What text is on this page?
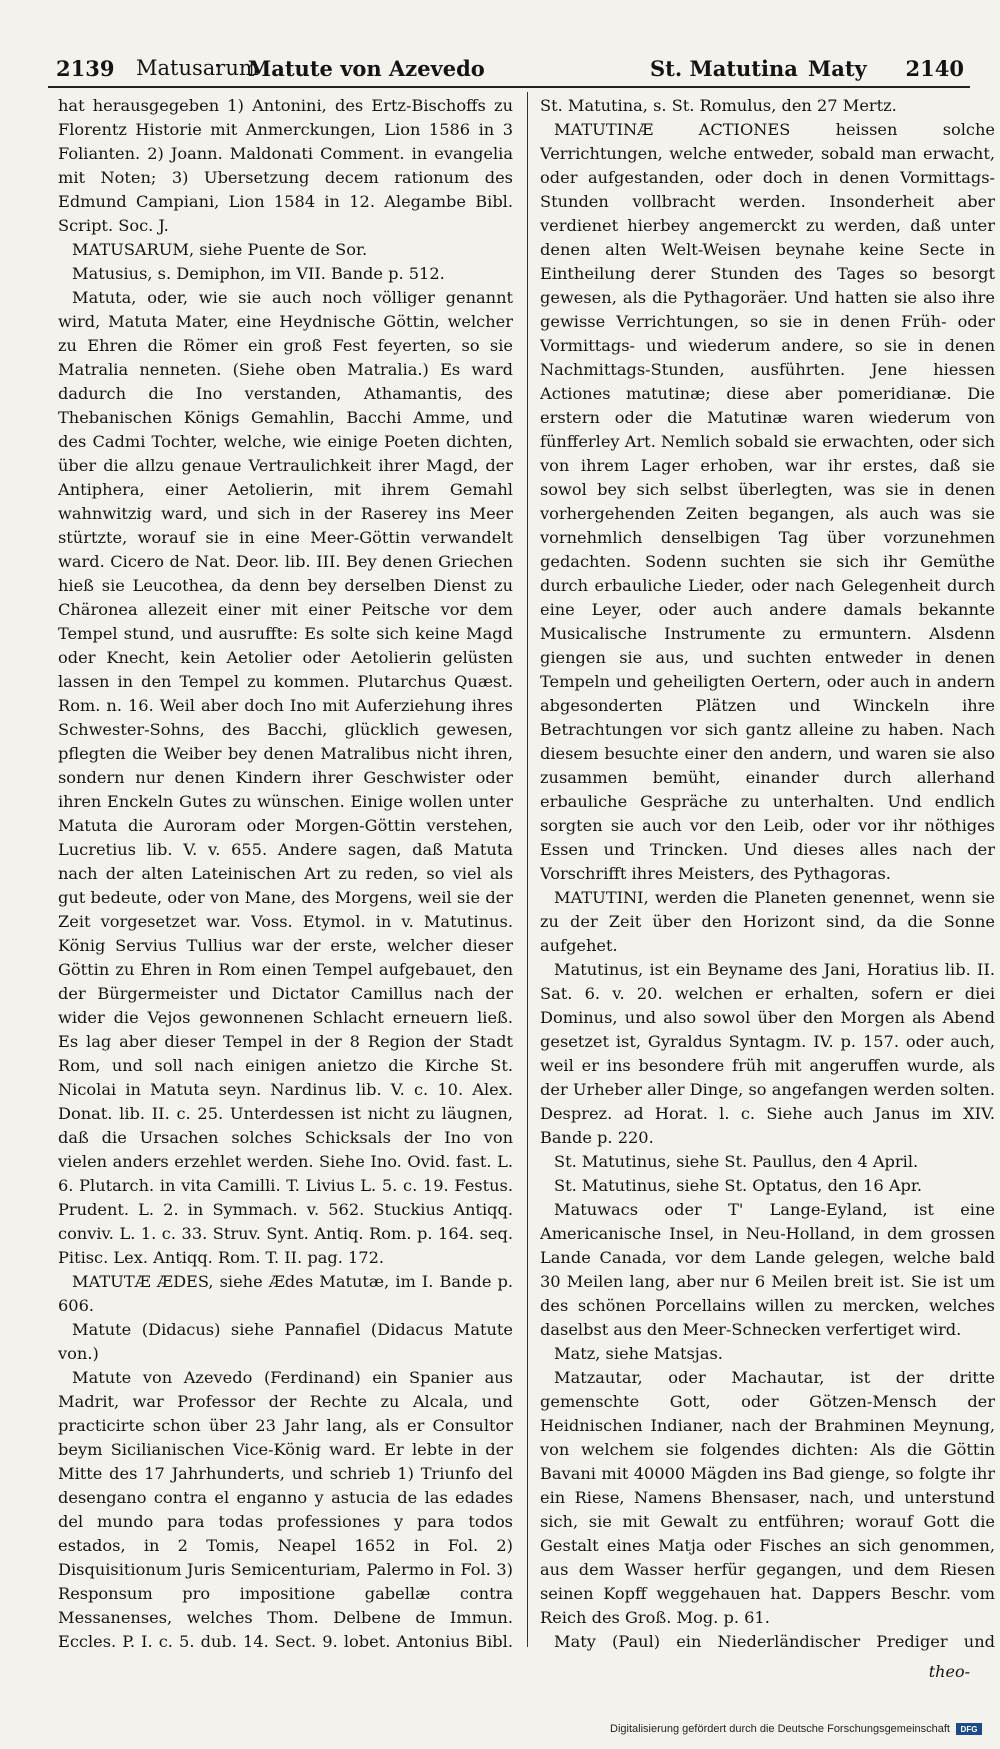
2139 Matusarum
Matute von Azevedo	St. Matutina Maty 2140

hat herausgegeben 1) Antonini, des Ertz-Bischoffs zu Florentz Historie mit Anmerckungen, Lion 1586 in 3 Folianten. 2) Joann. Maldonati Comment. in evangelia mit Noten; 3) Ubersetzung decem rationum des Edmund Campiani, Lion 1584 in 12. Alegambe Bibl. Script. Soc. J.

MATUSARUM, siehe Puente de Sor.

Matusius, s. Demiphon, im VII. Bande p. 512.

Matuta, oder, wie sie auch noch völliger genannt wird, Matuta Mater, eine Heydnische Göttin, welcher zu Ehren die Römer ein groß Fest feyerten, so sie Matralia nenneten. (Siehe oben Matralia.) Es ward dadurch die Ino verstanden, Athamantis, des Thebanischen Königs Gemahlin, Bacchi Amme, und des Cadmi Tochter, welche, wie einige Poeten dichten, über die allzu genaue Vertraulichkeit ihrer Magd, der Antiphera, einer Aetolierin, mit ihrem Gemahl wahnwitzig ward, und sich in der Raserey ins Meer stürtzte, worauf sie in eine Meer-Göttin verwandelt ward. Cicero de Nat. Deor. lib. III. Bey denen Griechen hieß sie Leucothea, da denn bey derselben Dienst zu Chäronea allezeit einer mit einer Peitsche vor dem Tempel stund, und ausruffte: Es solte sich keine Magd oder Knecht, kein Aetolier oder Aetolierin gelüsten lassen in den Tempel zu kommen. Plutarchus Quæst. Rom. n. 16. Weil aber doch Ino mit Auferziehung ihres Schwester-Sohns, des Bacchi, glücklich gewesen, pflegten die Weiber bey denen Matralibus nicht ihren, sondern nur denen Kindern ihrer Geschwister oder ihren Enckeln Gutes zu wünschen. Einige wollen unter Matuta die Auroram oder Morgen-Göttin verstehen, Lucretius lib. V. v. 655. Andere sagen, daß Matuta nach der alten Lateinischen Art zu reden, so viel als gut bedeute, oder von Mane, des Morgens, weil sie der Zeit vorgesetzet war. Voss. Etymol. in v. Matutinus. König Servius Tullius war der erste, welcher dieser Göttin zu Ehren in Rom einen Tempel aufgebauet, den der Bürgermeister und Dictator Camillus nach der wider die Vejos gewonnenen Schlacht erneuern ließ. Es lag aber dieser Tempel in der 8 Region der Stadt Rom, und soll nach einigen anietzo die Kirche St. Nicolai in Matuta seyn. Nardinus lib. V. c. 10. Alex. Donat. lib. II. c. 25. Unterdessen ist nicht zu läugnen, daß die Ursachen solches Schicksals der Ino von vielen anders erzehlet werden. Siehe Ino. Ovid. fast. L. 6. Plutarch. in vita Camilli. T. Livius L. 5. c. 19. Festus. Prudent. L. 2. in Symmach. v. 562. Stuckius Antiqq. conviv. L. 1. c. 33. Struv. Synt. Antiq. Rom. p. 164. seq. Pitisc. Lex. Antiqq. Rom. T. II. pag. 172.

MATUTÆ ÆDES, siehe Ædes Matutæ, im I. Bande p. 606.

Matute (Didacus) siehe Pannafiel (Didacus Matute von.)

Matute von Azevedo (Ferdinand) ein Spanier aus Madrit, war Professor der Rechte zu Alcala, und practicirte schon über 23 Jahr lang, als er Consultor beym Sicilianischen Vice-König ward. Er lebte in der Mitte des 17 Jahrhunderts, und schrieb 1) Triunfo del desengano contra el enganno y astucia de las edades del mundo para todas professiones y para todos estados, in 2 Tomis, Neapel 1652 in Fol. 2) Disquisitionum Juris Semicenturiam, Palermo in Fol. 3) Responsum pro impositione gabellæ contra Messanenses, welches Thom. Delbene de Immun. Eccles. P. I. c. 5. dub. 14. Sect. 9. lobet. Antonius Bibl.

St. Matutina, s. St. Romulus, den 27 Mertz.

MATUTINÆ ACTIONES heissen solche Verrichtungen, welche entweder, sobald man erwacht, oder aufgestanden, oder doch in denen Vormittags-Stunden vollbracht werden. Insonderheit aber verdienet hierbey angemerckt zu werden, daß unter denen alten Welt-Weisen beynahe keine Secte in Eintheilung derer Stunden des Tages so besorgt gewesen, als die Pythagoräer. Und hatten sie also ihre gewisse Verrichtungen, so sie in denen Früh- oder Vormittags- und wiederum andere, so sie in denen Nachmittags-Stunden, ausführten. Jene hiessen Actiones matutinæ; diese aber pomeridianæ. Die erstern oder die Matutinæ waren wiederum von fünfferley Art. Nemlich sobald sie erwachten, oder sich von ihrem Lager erhoben, war ihr erstes, daß sie sowol bey sich selbst überlegten, was sie in denen vorhergehenden Zeiten begangen, als auch was sie vornehmlich denselbigen Tag über vorzunehmen gedachten. Sodenn suchten sie sich ihr Gemüthe durch erbauliche Lieder, oder nach Gelegenheit durch eine Leyer, oder auch andere damals bekannte Musicalische Instrumente zu ermuntern. Alsdenn giengen sie aus, und suchten entweder in denen Tempeln und geheiligten Oertern, oder auch in andern abgesonderten Plätzen und Winckeln ihre Betrachtungen vor sich gantz alleine zu haben. Nach diesem besuchte einer den andern, und waren sie also zusammen bemüht, einander durch allerhand erbauliche Gespräche zu unterhalten. Und endlich sorgten sie auch vor den Leib, oder vor ihr nöthiges Essen und Trincken. Und dieses alles nach der Vorschrifft ihres Meisters, des Pythagoras.

MATUTINI, werden die Planeten genennet, wenn sie zu der Zeit über den Horizont sind, da die Sonne aufgehet.

Matutinus, ist ein Beyname des Jani, Horatius lib. II. Sat. 6. v. 20. welchen er erhalten, sofern er diei Dominus, und also sowol über den Morgen als Abend gesetzet ist, Gyraldus Syntagm. IV. p. 157. oder auch, weil er ins besondere früh mit angeruffen wurde, als der Urheber aller Dinge, so angefangen werden solten. Desprez. ad Horat. l. c. Siehe auch Janus im XIV. Bande p. 220.

St. Matutinus, siehe St. Paullus, den 4 April.

St. Matutinus, siehe St. Optatus, den 16 Apr.

Matuwacs oder T' Lange-Eyland, ist eine Americanische Insel, in Neu-Holland, in dem grossen Lande Canada, vor dem Lande gelegen, welche bald 30 Meilen lang, aber nur 6 Meilen breit ist. Sie ist um des schönen Porcellains willen zu mercken, welches daselbst aus den Meer-Schnecken verfertiget wird.

Matz, siehe Matsjas.

Matzautar, oder Machautar, ist der dritte gemenschte Gott, oder Götzen-Mensch der Heidnischen Indianer, nach der Brahminen Meynung, von welchem sie folgendes dichten: Als die Göttin Bavani mit 40000 Mägden ins Bad gienge, so folgte ihr ein Riese, Namens Bhensaser, nach, und unterstund sich, sie mit Gewalt zu entführen; worauf Gott die Gestalt eines Matja oder Fisches an sich genommen, aus dem Wasser herfür gegangen, und dem Riesen seinen Kopff weggehauen hat. Dappers Beschr. vom Reich des Groß. Mog. p. 61.

Maty (Paul) ein Niederländischer Prediger und

theo-
Digitalisierung gefördert durch die Deutsche Forschungsgemeinschaft	DFG
